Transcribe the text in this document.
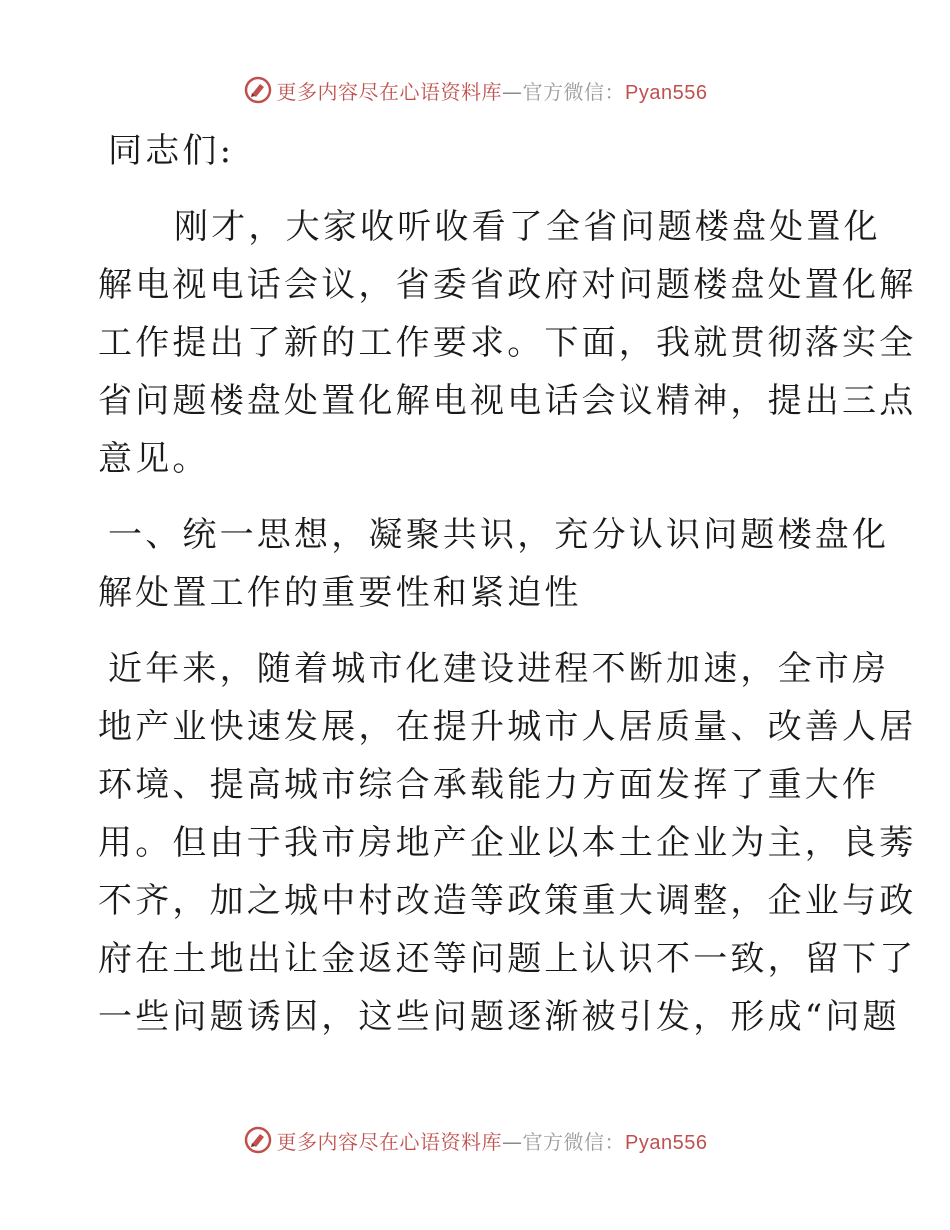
更多内容尽在心语资料库—官方微信：Pyan556
同志们:
刚才，大家收听收看了全省问题楼盘处置化
解电视电话会议，省委省政府对问题楼盘处置化解
工作提出了新的工作要求。下面，我就贯彻落实全
省问题楼盘处置化解电视电话会议精神，提出三点
意见。
一、统一思想，凝聚共识，充分认识问题楼盘化
解处置工作的重要性和紧迫性
近年来，随着城市化建设进程不断加速，全市房
地产业快速发展，在提升城市人居质量、改善人居
环境、提高城市综合承载能力方面发挥了重大作
用。但由于我市房地产企业以本土企业为主，良莠
不齐，加之城中村改造等政策重大调整，企业与政
府在土地出让金返还等问题上认识不一致，留下了
一些问题诱因，这些问题逐渐被引发，形成“问题
更多内容尽在心语资料库—官方微信：Pyan556
